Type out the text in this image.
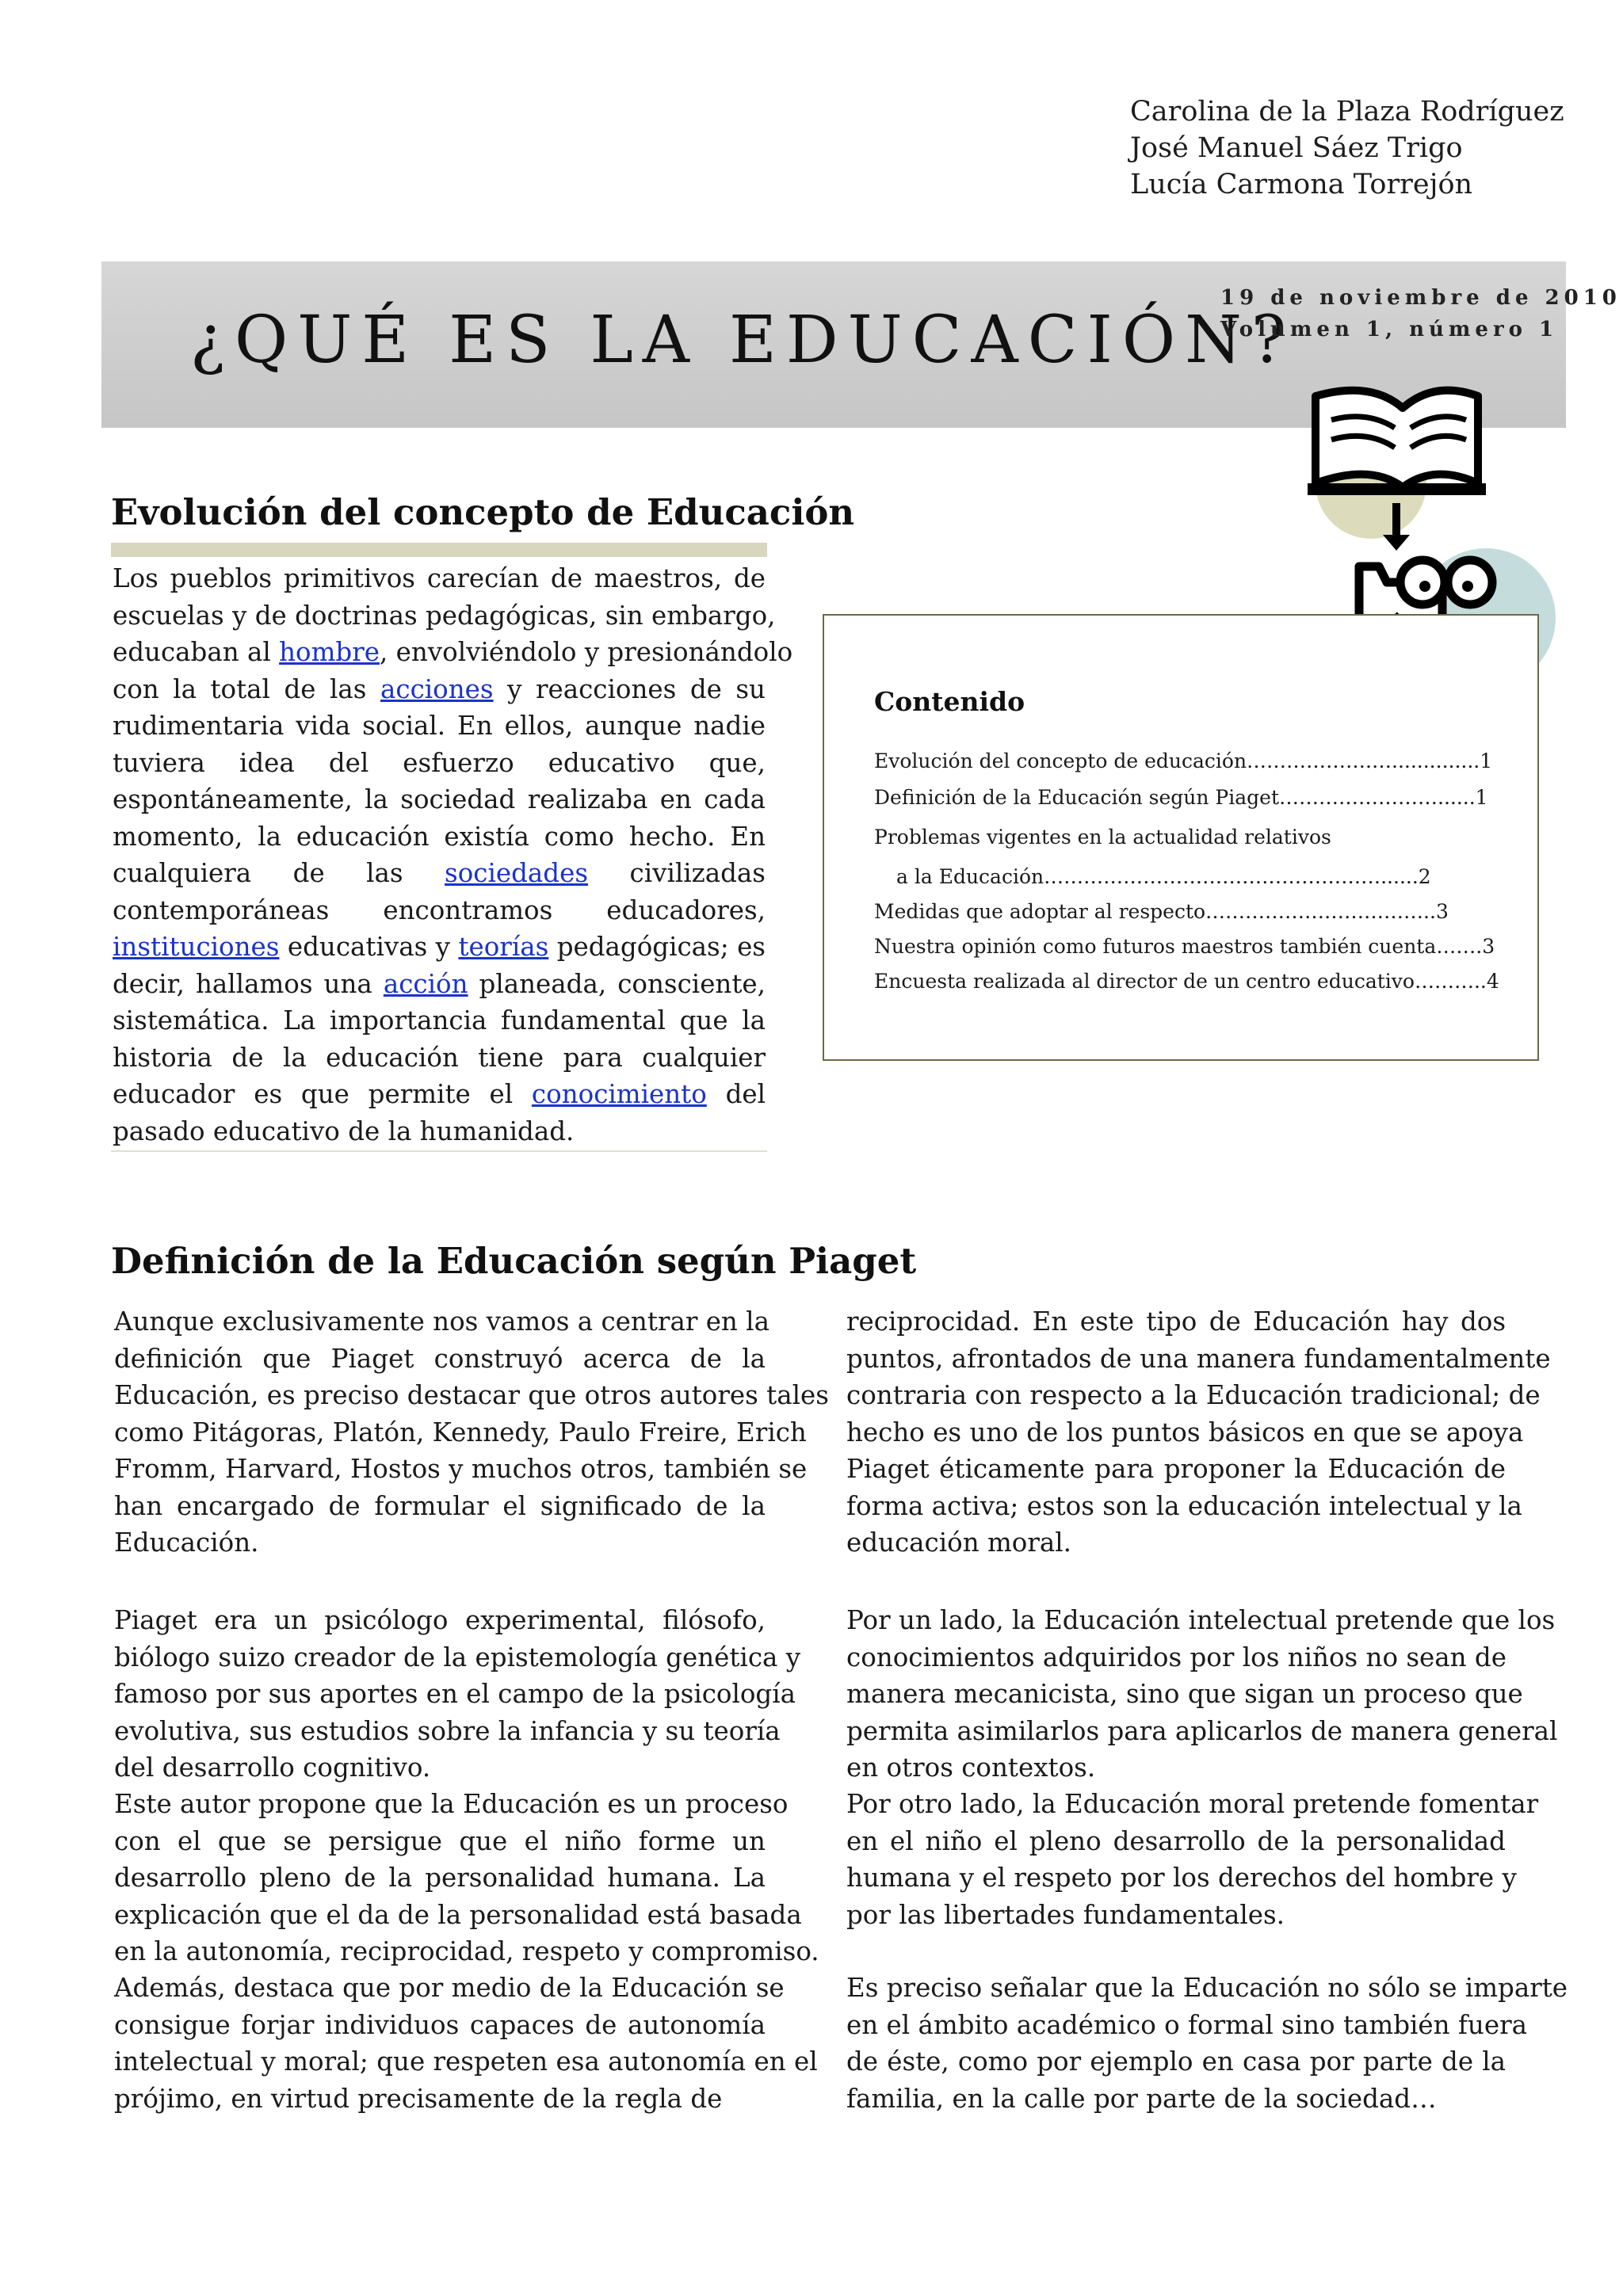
Carolina de la Plaza Rodríguez
José Manuel Sáez Trigo
Lucía Carmona Torrejón
¿QUÉ ES LA EDUCACIÓN?
19 de noviembre de 2010
Volumen 1, número 1
Evolución del concepto de Educación
Los pueblos primitivos carecían de maestros, de
escuelas y de doctrinas pedagógicas, sin embargo,
educaban al hombre, envolviéndolo y presionándolo
con la total de las acciones y reacciones de su
rudimentaria vida social. En ellos, aunque nadie
tuviera idea del esfuerzo educativo que,
espontáneamente, la sociedad realizaba en cada
momento, la educación existía como hecho. En
cualquiera de las sociedades civilizadas
contemporáneas encontramos educadores,
instituciones educativas y teorías pedagógicas; es
decir, hallamos una acción planeada, consciente,
sistemática. La importancia fundamental que la
historia de la educación tiene para cualquier
educador es que permite el conocimiento del
pasado educativo de la humanidad.
Contenido
Evolución del concepto de educación……………….…..............1
Definición de la Educación según Piaget……………………......1
Problemas vigentes en la actualidad relativos
a la Educación……………………………………………......2
Medidas que adoptar al respecto……………………………..3
Nuestra opinión como futuros maestros también cuenta…….3
Encuesta realizada al director de un centro educativo………..4
Definición de la Educación según Piaget
Aunque exclusivamente nos vamos a centrar en la
definición que Piaget construyó acerca de la
Educación, es preciso destacar que otros autores tales
como Pitágoras, Platón, Kennedy, Paulo Freire, Erich
Fromm, Harvard, Hostos y muchos otros, también se
han encargado de formular el significado de la
Educación.
Piaget era un psicólogo experimental, filósofo,
biólogo suizo creador de la epistemología genética y
famoso por sus aportes en el campo de la psicología
evolutiva, sus estudios sobre la infancia y su teoría
del desarrollo cognitivo.
Este autor propone que la Educación es un proceso
con el que se persigue que el niño forme un
desarrollo pleno de la personalidad humana. La
explicación que el da de la personalidad está basada
en la autonomía, reciprocidad, respeto y compromiso.
Además, destaca que por medio de la Educación se
consigue forjar individuos capaces de autonomía
intelectual y moral; que respeten esa autonomía en el
prójimo, en virtud precisamente de la regla de
reciprocidad. En este tipo de Educación hay dos
puntos, afrontados de una manera fundamentalmente
contraria con respecto a la Educación tradicional; de
hecho es uno de los puntos básicos en que se apoya
Piaget éticamente para proponer la Educación de
forma activa; estos son la educación intelectual y la
educación moral.
Por un lado, la Educación intelectual pretende que los
conocimientos adquiridos por los niños no sean de
manera mecanicista, sino que sigan un proceso que
permita asimilarlos para aplicarlos de manera general
en otros contextos.
Por otro lado, la Educación moral pretende fomentar
en el niño el pleno desarrollo de la personalidad
humana y el respeto por los derechos del hombre y
por las libertades fundamentales.
Es preciso señalar que la Educación no sólo se imparte
en el ámbito académico o formal sino también fuera
de éste, como por ejemplo en casa por parte de la
familia, en la calle por parte de la sociedad…
